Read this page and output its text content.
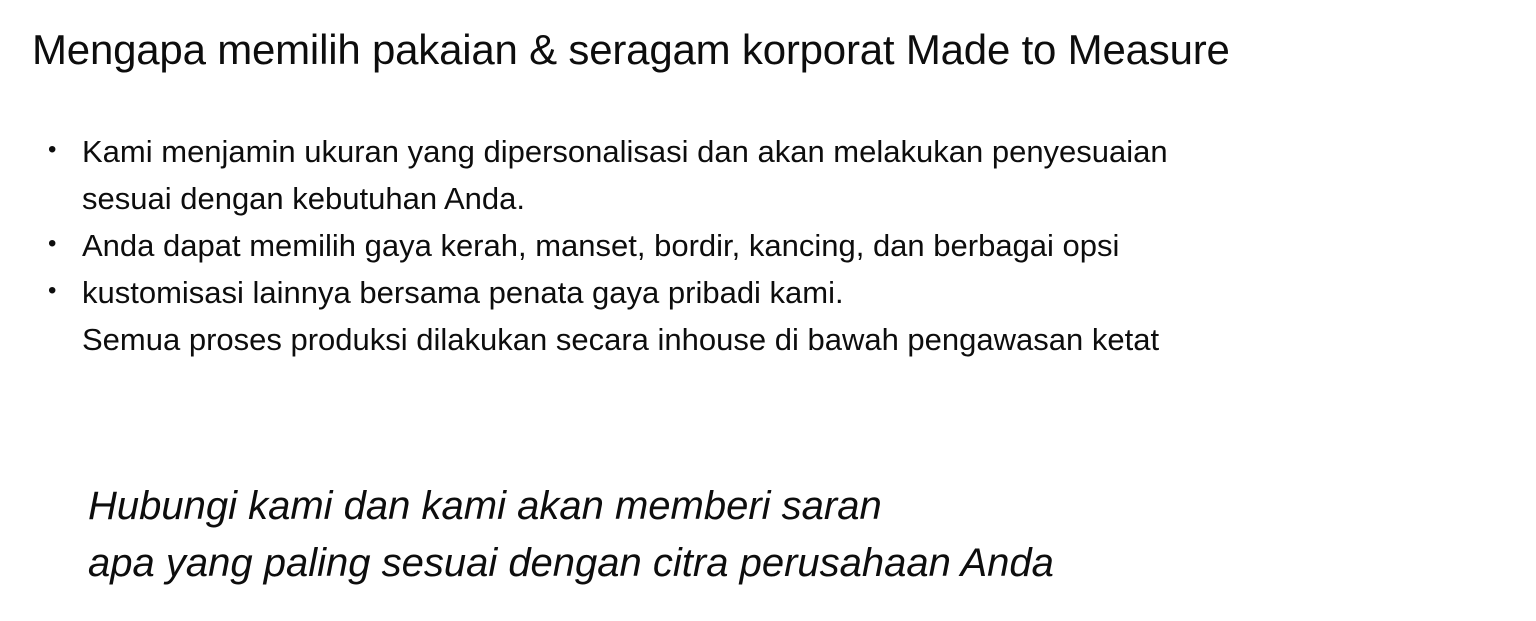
Mengapa memilih pakaian & seragam korporat Made to Measure
• Kami menjamin ukuran yang dipersonalisasi dan akan melakukan penyesuaian
sesuai dengan kebutuhan Anda.
• Anda dapat memilih gaya kerah, manset, bordir, kancing, dan berbagai opsi
• kustomisasi lainnya bersama penata gaya pribadi kami.
Semua proses produksi dilakukan secara inhouse di bawah pengawasan ketat
Hubungi kami dan kami akan memberi saran
apa yang paling sesuai dengan citra perusahaan Anda
